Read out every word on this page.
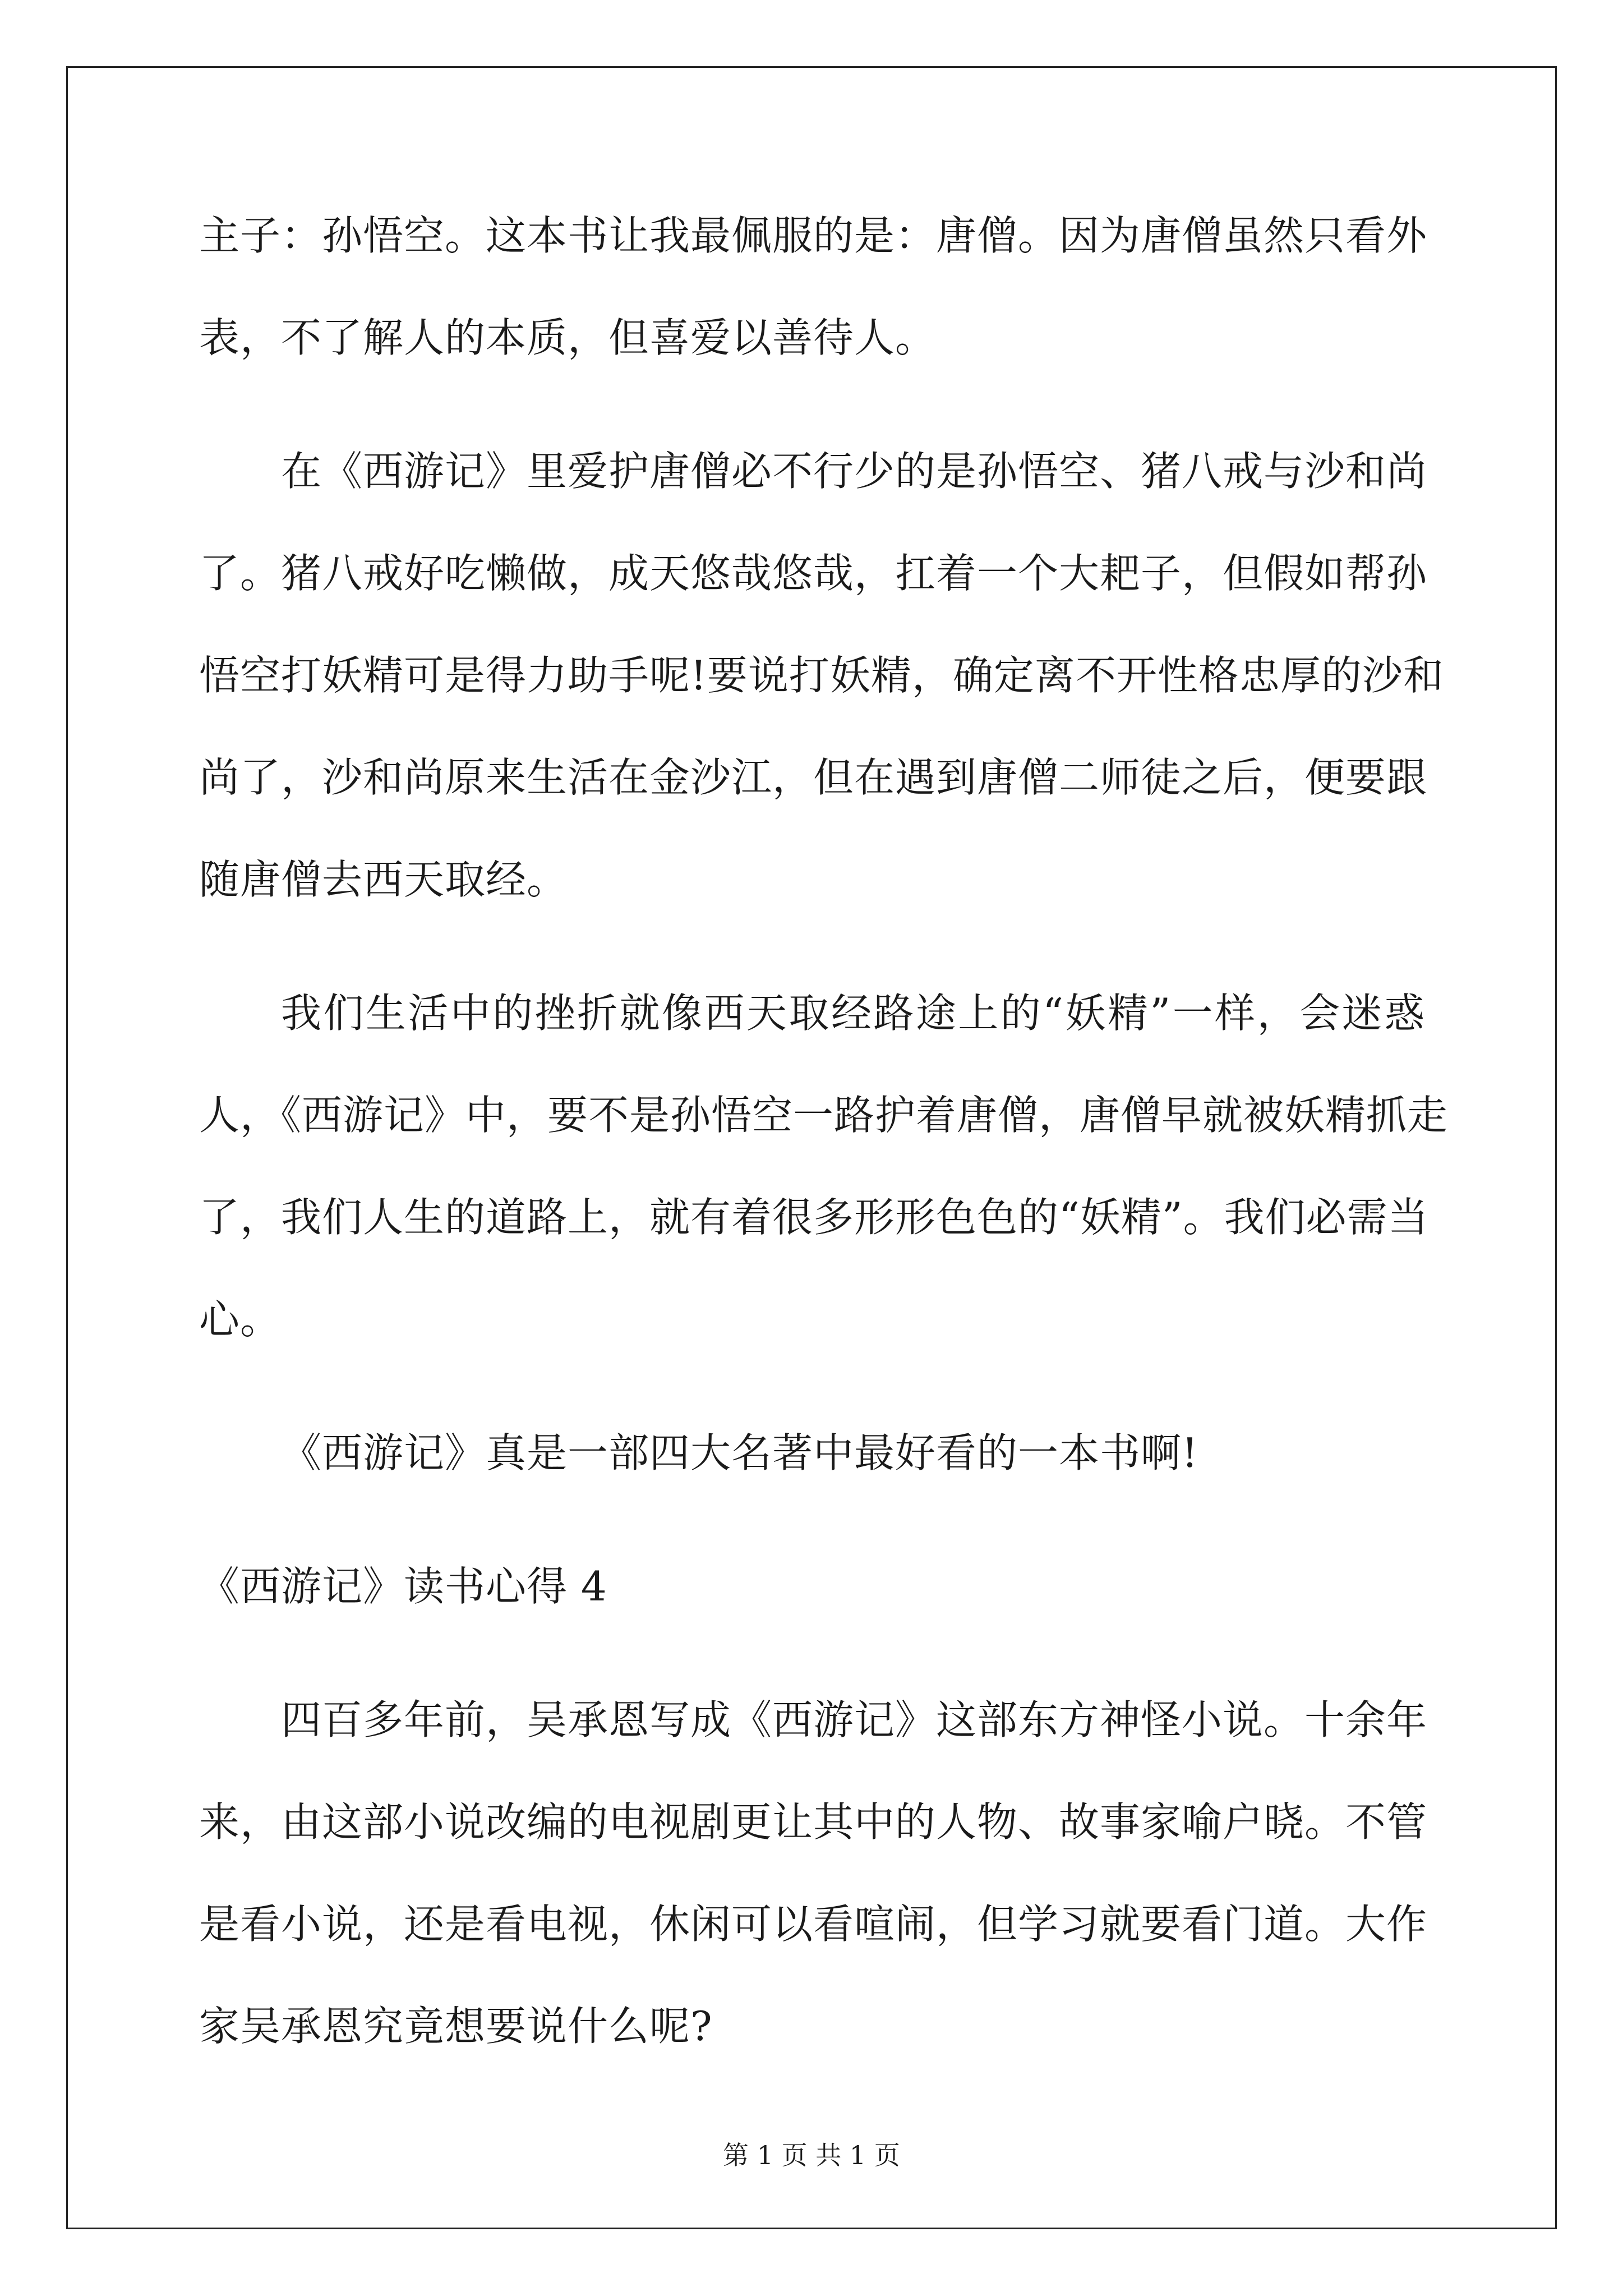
主子：孙悟空。这本书让我最佩服的是：唐僧。因为唐僧虽然只看外
表，不了解人的本质，但喜爱以善待人。
在《西游记》里爱护唐僧必不行少的是孙悟空、猪八戒与沙和尚
了。猪八戒好吃懒做，成天悠哉悠哉，扛着一个大耙子，但假如帮孙
悟空打妖精可是得力助手呢!要说打妖精，确定离不开性格忠厚的沙和
尚了，沙和尚原来生活在金沙江，但在遇到唐僧二师徒之后，便要跟
随唐僧去西天取经。
我们生活中的挫折就像西天取经路途上的“妖精”一样，会迷惑
人，《西游记》中，要不是孙悟空一路护着唐僧，唐僧早就被妖精抓走
了，我们人生的道路上，就有着很多形形色色的“妖精”。我们必需当
心。
《西游记》真是一部四大名著中最好看的一本书啊!
《西游记》读书心得 4
四百多年前，吴承恩写成《西游记》这部东方神怪小说。十余年
来，由这部小说改编的电视剧更让其中的人物、故事家喻户晓。不管
是看小说，还是看电视，休闲可以看喧闹，但学习就要看门道。大作
家吴承恩究竟想要说什么呢?
第 1 页 共 1 页
